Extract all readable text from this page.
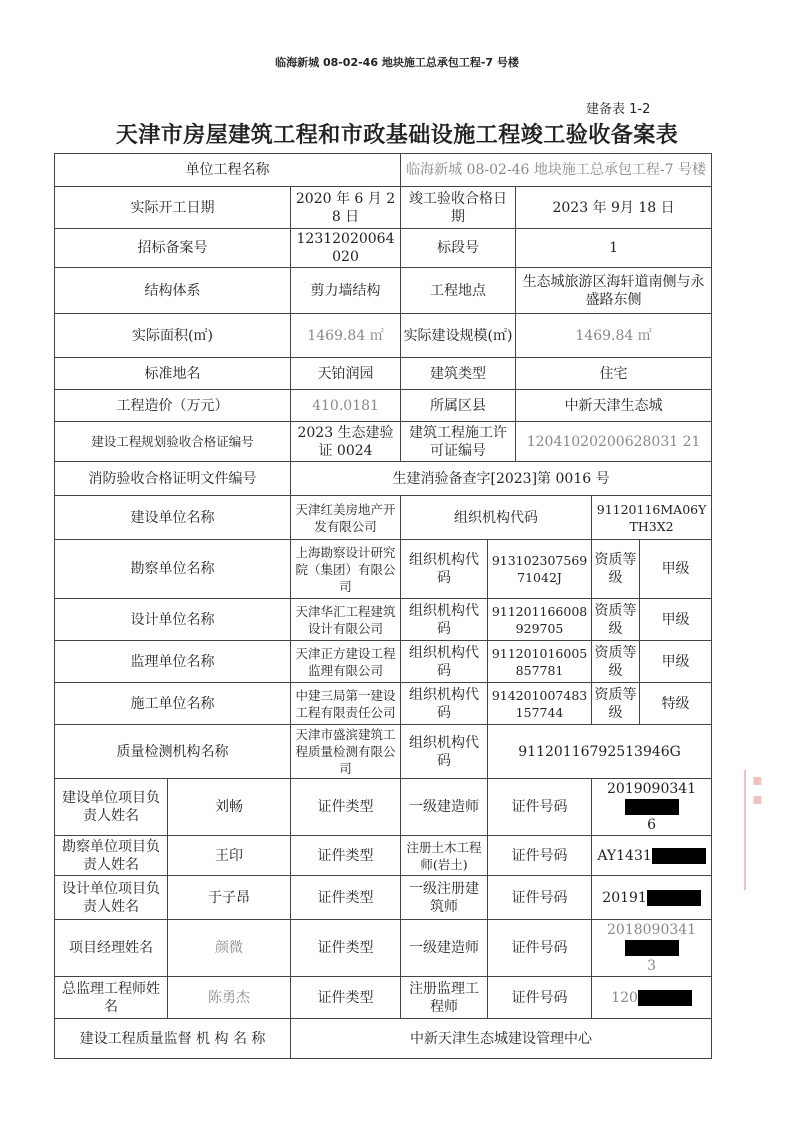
临海新城 08-02-46 地块施工总承包工程-7 号楼
建备表 1-2
天津市房屋建筑工程和市政基础设施工程竣工验收备案表
单位工程名称			临海新城 08-02-46 地块施工总承包工程-7 号楼				
实际开工日期		2020 年 6 月 28 日	竣工验收合格日期		2023 年 9月 18 日		
招标备案号		12312020064020	标段号		1		
结构体系		剪力墙结构	工程地点		生态城旅游区海轩道南侧与永盛路东侧		
实际面积(㎡)		1469.84 ㎡	实际建设规模(㎡)		1469.84 ㎡		
标准地名		天铂润园	建筑类型		住宅		
工程造价（万元）		410.0181	所属区县		中新天津生态城		
建设工程规划验收合格证编号		2023 生态建验证 0024	建筑工程施工许可证编号		12041020200628031 21		
消防验收合格证明文件编号		生建消验备查字[2023]第 0016 号					
建设单位名称		天津红美房地产开发有限公司	组织机构代码			91120116MA06YTH3X2	
勘察单位名称		上海勘察设计研究院（集团）有限公司	组织机构代码	91310230756971042J		资质等级	甲级
设计单位名称		天津华汇工程建筑设计有限公司	组织机构代码	911201166008929705		资质等级	甲级
监理单位名称		天津正方建设工程监理有限公司	组织机构代码	911201016005857781		资质等级	甲级
施工单位名称		中建三局第一建设工程有限责任公司	组织机构代码	914201007483157744		资质等级	特级
质量检测机构名称		天津市盛滨建筑工程质量检测有限公司	组织机构代码	91120116792513946G			
建设单位项目负责人姓名	刘畅	证件类型	一级建造师	证件号码		2019090341
6	
勘察单位项目负责人姓名	王印	证件类型	注册土木工程师(岩土)	证件号码		AY1431	
设计单位项目负责人姓名	于子昂	证件类型	一级注册建筑师	证件号码		20191	
项目经理姓名	颜微	证件类型	一级建造师	证件号码		2018090341
3	
总监理工程师姓名	陈勇杰	证件类型	注册监理工程师	证件号码		120	
建设工程质量监督 机 构 名 称		中新天津生态城建设管理中心					
▪
▪
